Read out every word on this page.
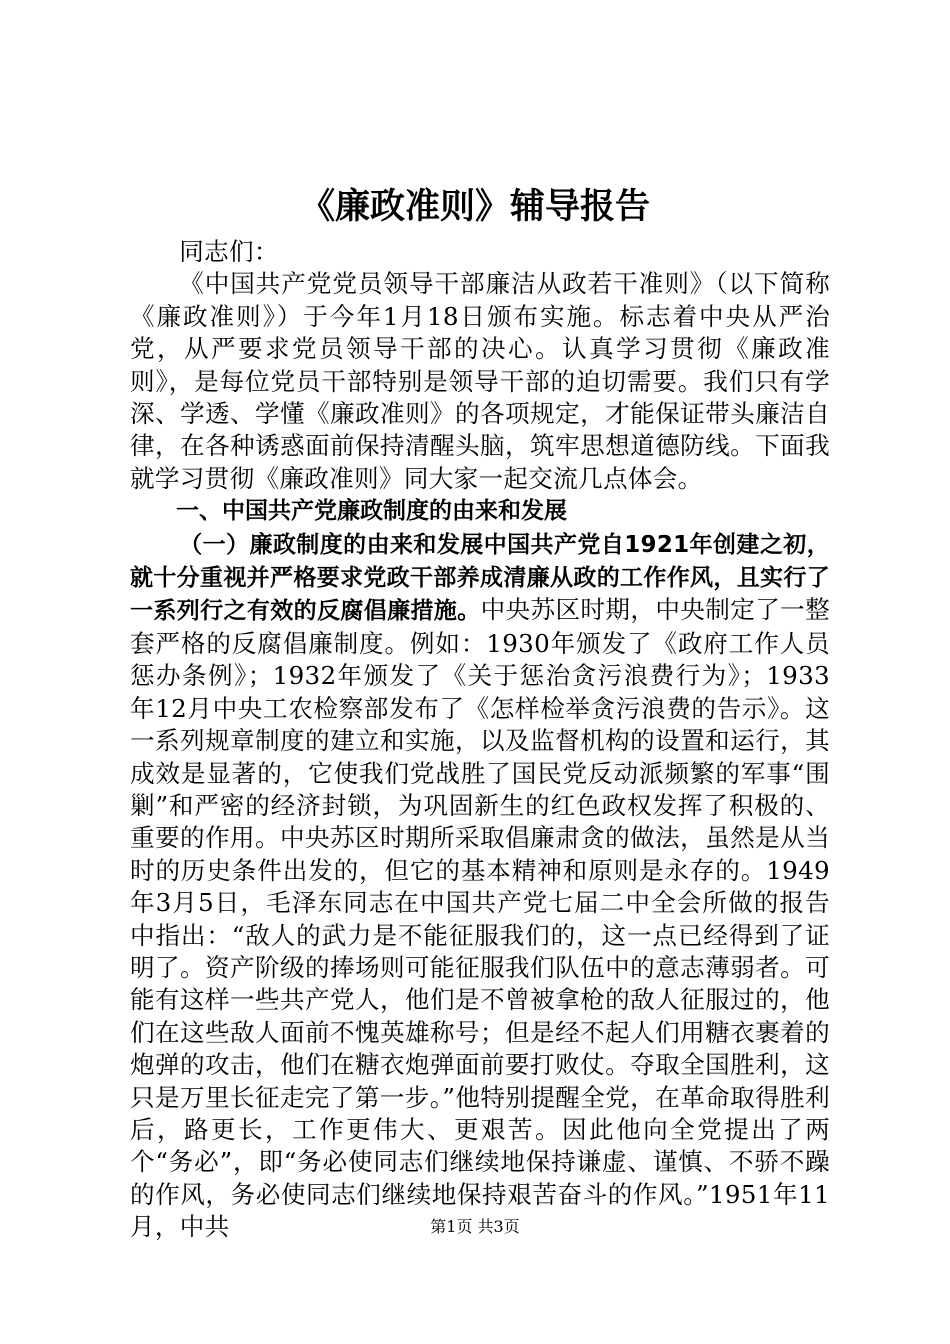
《廉政准则》辅导报告

同志们：

《中国共产党党员领导干部廉洁从政若干准则》（以下简称《廉政准则》）于今年1月18日颁布实施。标志着中央从严治党，从严要求党员领导干部的决心。认真学习贯彻《廉政准则》，是每位党员干部特别是领导干部的迫切需要。我们只有学深、学透、学懂《廉政准则》的各项规定，才能保证带头廉洁自律，在各种诱惑面前保持清醒头脑，筑牢思想道德防线。下面我就学习贯彻《廉政准则》同大家一起交流几点体会。

一、中国共产党廉政制度的由来和发展

（一）廉政制度的由来和发展中国共产党自1921年创建之初，就十分重视并严格要求党政干部养成清廉从政的工作作风，且实行了一系列行之有效的反腐倡廉措施。中央苏区时期，中央制定了一整套严格的反腐倡廉制度。例如：1930年颁发了《政府工作人员惩办条例》；1932年颁发了《关于惩治贪污浪费行为》；1933年12月中央工农检察部发布了《怎样检举贪污浪费的告示》。这一系列规章制度的建立和实施，以及监督机构的设置和运行，其成效是显著的，它使我们党战胜了国民党反动派频繁的军事“围剿”和严密的经济封锁，为巩固新生的红色政权发挥了积极的、重要的作用。中央苏区时期所采取倡廉肃贪的做法，虽然是从当时的历史条件出发的，但它的基本精神和原则是永存的。1949年3月5日，毛泽东同志在中国共产党七届二中全会所做的报告中指出：“敌人的武力是不能征服我们的，这一点已经得到了证明了。资产阶级的捧场则可能征服我们队伍中的意志薄弱者。可能有这样一些共产党人，他们是不曾被拿枪的敌人征服过的，他们在这些敌人面前不愧英雄称号；但是经不起人们用糖衣裹着的炮弹的攻击，他们在糖衣炮弹面前要打败仗。夺取全国胜利，这只是万里长征走完了第一步。”他特别提醒全党，在革命取得胜利后，路更长，工作更伟大、更艰苦。因此他向全党提出了两个“务必”，即“务必使同志们继续地保持谦虚、谨慎、不骄不躁的作风，务必使同志们继续地保持艰苦奋斗的作风。”1951年11月，中共	第1页 共3页
